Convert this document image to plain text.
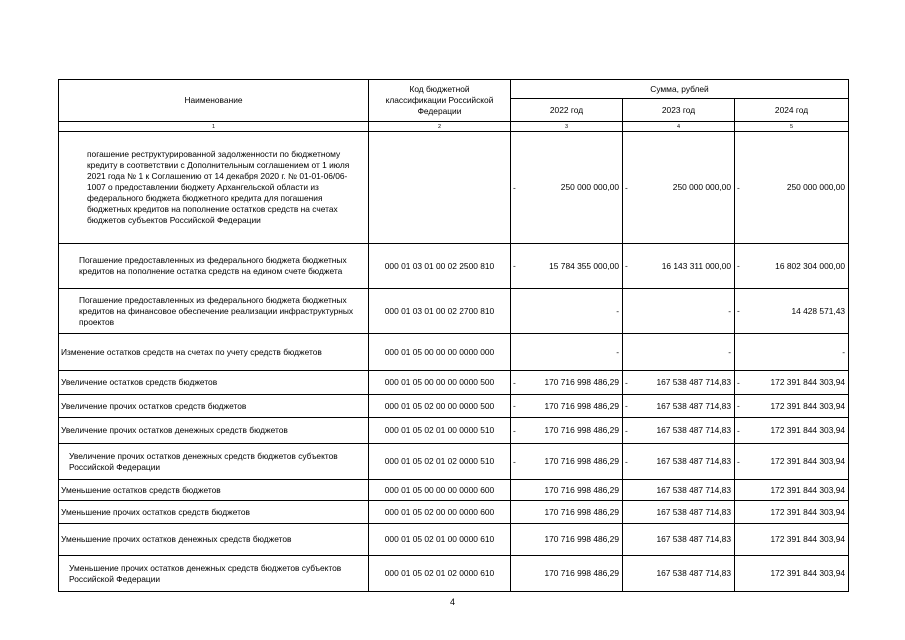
Наименование	Код бюджетной классификации Российской Федерации	Сумма, рублей		
		2022 год	2023 год	2024 год
1	2	3	4	5
погашение реструктурированной задолженности по бюджетному кредиту в соответствии с Дополнительным соглашением от 1 июля 2021 года № 1 к Соглашению от 14 декабря 2020 г. № 01-01-06/06-1007 о предоставлении бюджету Архангельской области из федерального бюджета бюджетного кредита для погашения бюджетных кредитов на пополнение остатков средств на счетах бюджетов субъектов Российской Федерации		- 250 000 000,00	- 250 000 000,00	- 250 000 000,00
Погашение предоставленных из федерального бюджета бюджетных кредитов на пополнение остатка средств на едином счете бюджета	000 01 03 01 00 02 2500 810	- 15 784 355 000,00	- 16 143 311 000,00	- 16 802 304 000,00
Погашение предоставленных из федерального бюджета бюджетных кредитов на финансовое обеспечение реализации инфраструктурных проектов	000 01 03 01 00 02 2700 810	-	-	- 14 428 571,43
Изменение остатков средств на счетах по учету средств бюджетов	000 01 05 00 00 00 0000 000	-	-	-
Увеличение остатков средств бюджетов	000 01 05 00 00 00 0000 500	- 170 716 998 486,29	- 167 538 487 714,83	- 172 391 844 303,94
Увеличение прочих остатков средств бюджетов	000 01 05 02 00 00 0000 500	- 170 716 998 486,29	- 167 538 487 714,83	- 172 391 844 303,94
Увеличение прочих остатков денежных средств бюджетов	000 01 05 02 01 00 0000 510	- 170 716 998 486,29	- 167 538 487 714,83	- 172 391 844 303,94
Увеличение прочих остатков денежных средств бюджетов субъектов Российской Федерации	000 01 05 02 01 02 0000 510	- 170 716 998 486,29	- 167 538 487 714,83	- 172 391 844 303,94
Уменьшение остатков средств бюджетов	000 01 05 00 00 00 0000 600	170 716 998 486,29	167 538 487 714,83	172 391 844 303,94
Уменьшение прочих остатков средств бюджетов	000 01 05 02 00 00 0000 600	170 716 998 486,29	167 538 487 714,83	172 391 844 303,94
Уменьшение прочих остатков денежных средств бюджетов	000 01 05 02 01 00 0000 610	170 716 998 486,29	167 538 487 714,83	172 391 844 303,94
Уменьшение прочих остатков денежных средств бюджетов субъектов Российской Федерации	000 01 05 02 01 02 0000 610	170 716 998 486,29	167 538 487 714,83	172 391 844 303,94
4
